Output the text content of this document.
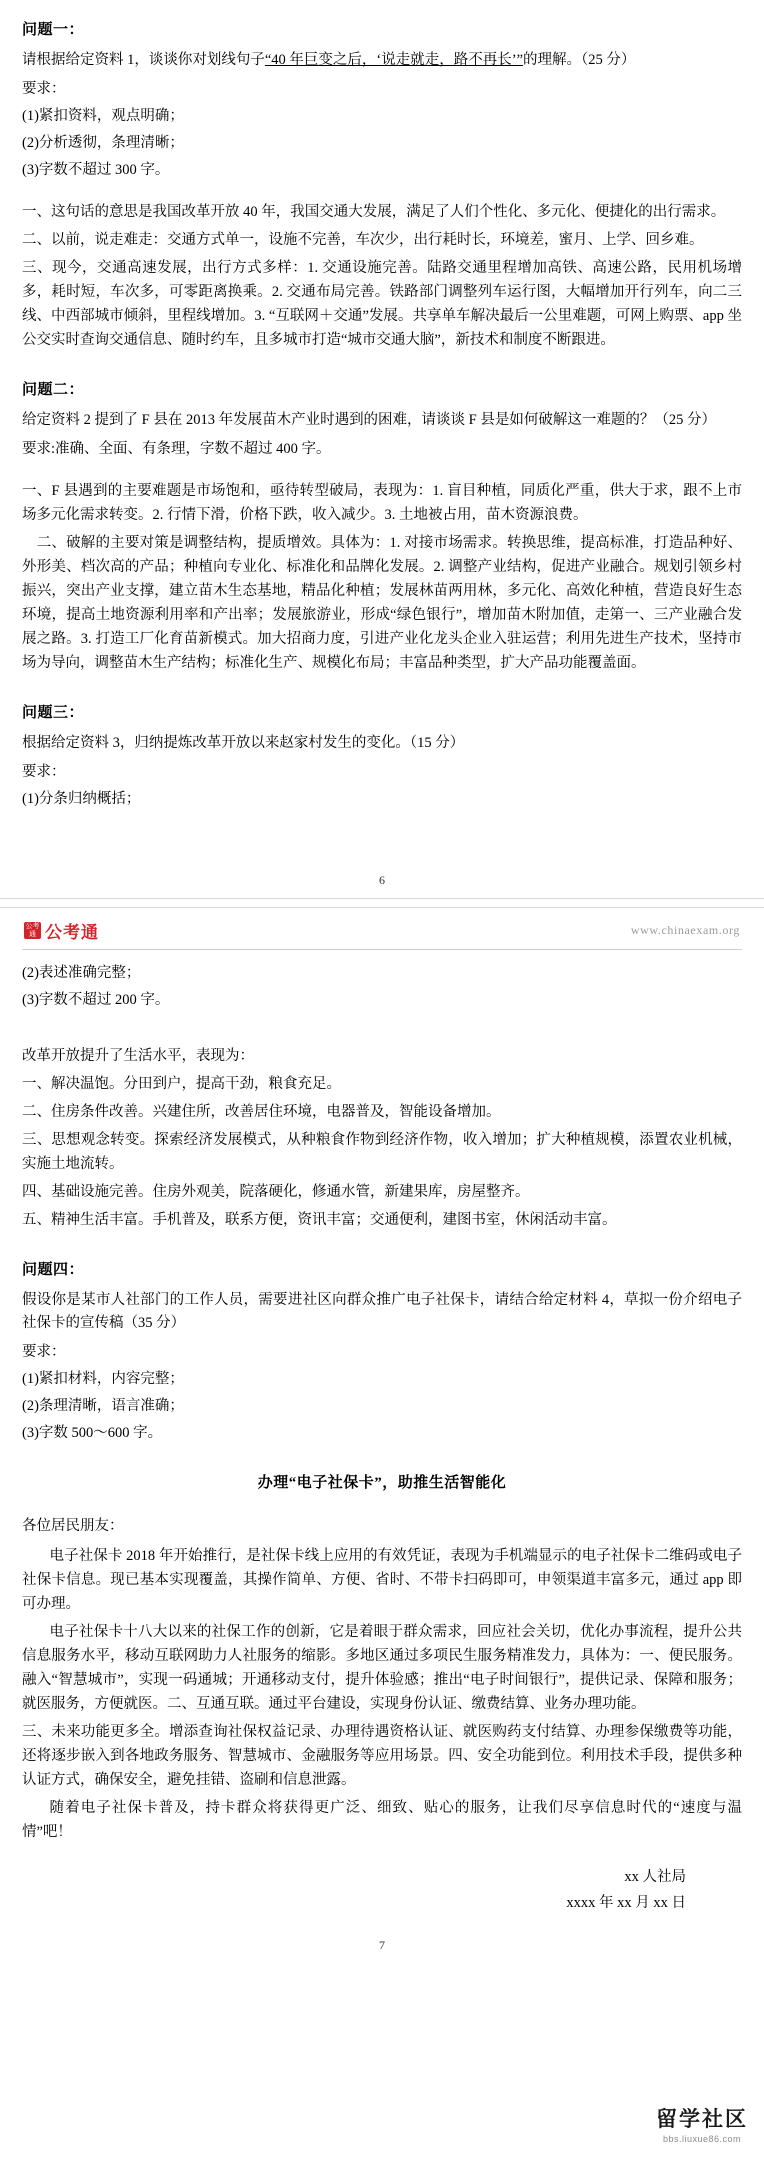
问题一：

请根据给定资料 1，谈谈你对划线句子“40 年巨变之后，‘说走就走，路不再长’”的理解。（25 分）

要求：

(1)紧扣资料，观点明确；

(2)分析透彻，条理清晰；

(3)字数不超过 300 字。

一、这句话的意思是我国改革开放 40 年，我国交通大发展，满足了人们个性化、多元化、便捷化的出行需求。

二、以前，说走难走：交通方式单一，设施不完善，车次少，出行耗时长，环境差，蜜月、上学、回乡难。

三、现今，交通高速发展，出行方式多样：1. 交通设施完善。陆路交通里程增加高铁、高速公路，民用机场增多，耗时短，车次多，可零距离换乘。2. 交通布局完善。铁路部门调整列车运行图，大幅增加开行列车，向二三线、中西部城市倾斜，里程线增加。3. “互联网＋交通”发展。共享单车解决最后一公里难题，可网上购票、app 坐公交实时查询交通信息、随时约车，且多城市打造“城市交通大脑”，新技术和制度不断跟进。

问题二：

给定资料 2 提到了 F 县在 2013 年发展苗木产业时遇到的困难，请谈谈 F 县是如何破解这一难题的？（25 分）

要求:准确、全面、有条理，字数不超过 400 字。

一、F 县遇到的主要难题是市场饱和，亟待转型破局，表现为：1. 盲目种植，同质化严重，供大于求，跟不上市场多元化需求转变。2. 行情下滑，价格下跌，收入减少。3. 土地被占用，苗木资源浪费。

　二、破解的主要对策是调整结构，提质增效。具体为：1. 对接市场需求。转换思维，提高标准，打造品种好、外形美、档次高的产品；种植向专业化、标准化和品牌化发展。2. 调整产业结构，促进产业融合。规划引领乡村振兴，突出产业支撑，建立苗木生态基地，精品化种植；发展林苗两用林，多元化、高效化种植，营造良好生态环境，提高土地资源利用率和产出率；发展旅游业，形成“绿色银行”，增加苗木附加值，走第一、三产业融合发展之路。3. 打造工厂化育苗新模式。加大招商力度，引进产业化龙头企业入驻运营；利用先进生产技术，坚持市场为导向，调整苗木生产结构；标准化生产、规模化布局；丰富品种类型，扩大产品功能覆盖面。

问题三：

根据给定资料 3，归纳提炼改革开放以来赵家村发生的变化。（15 分）

要求：

(1)分条归纳概括；

6
公考通 公考通	www.chinaexam.org

(2)表述准确完整；

(3)字数不超过 200 字。

改革开放提升了生活水平，表现为：

一、解决温饱。分田到户，提高干劲，粮食充足。

二、住房条件改善。兴建住所，改善居住环境，电器普及，智能设备增加。

三、思想观念转变。探索经济发展模式，从种粮食作物到经济作物，收入增加；扩大种植规模，添置农业机械，实施土地流转。

四、基础设施完善。住房外观美，院落硬化，修通水管，新建果库，房屋整齐。

五、精神生活丰富。手机普及，联系方便，资讯丰富；交通便利，建图书室，休闲活动丰富。

问题四：

假设你是某市人社部门的工作人员，需要进社区向群众推广电子社保卡，请结合给定材料 4，草拟一份介绍电子社保卡的宣传稿（35 分）

要求：

(1)紧扣材料，内容完整；

(2)条理清晰，语言准确；

(3)字数 500～600 字。

办理“电子社保卡”，助推生活智能化

各位居民朋友：

电子社保卡 2018 年开始推行，是社保卡线上应用的有效凭证，表现为手机端显示的电子社保卡二维码或电子社保卡信息。现已基本实现覆盖，其操作简单、方便、省时、不带卡扫码即可，申领渠道丰富多元，通过 app 即可办理。

电子社保卡十八大以来的社保工作的创新，它是着眼于群众需求，回应社会关切，优化办事流程，提升公共信息服务水平，移动互联网助力人社服务的缩影。多地区通过多项民生服务精准发力，具体为：一、便民服务。融入“智慧城市”，实现一码通城；开通移动支付，提升体验感；推出“电子时间银行”，提供记录、保障和服务；就医服务，方便就医。二、互通互联。通过平台建设，实现身份认证、缴费结算、业务办理功能。

三、未来功能更多全。增添查询社保权益记录、办理待遇资格认证、就医购药支付结算、办理参保缴费等功能，还将逐步嵌入到各地政务服务、智慧城市、金融服务等应用场景。四、安全功能到位。利用技术手段，提供多种认证方式，确保安全，避免挂错、盗刷和信息泄露。

随着电子社保卡普及，持卡群众将获得更广泛、细致、贴心的服务，让我们尽享信息时代的“速度与温情”吧！

xx 人社局

xxxx 年 xx 月 xx 日

留学社区
bbs.liuxue86.com
7
